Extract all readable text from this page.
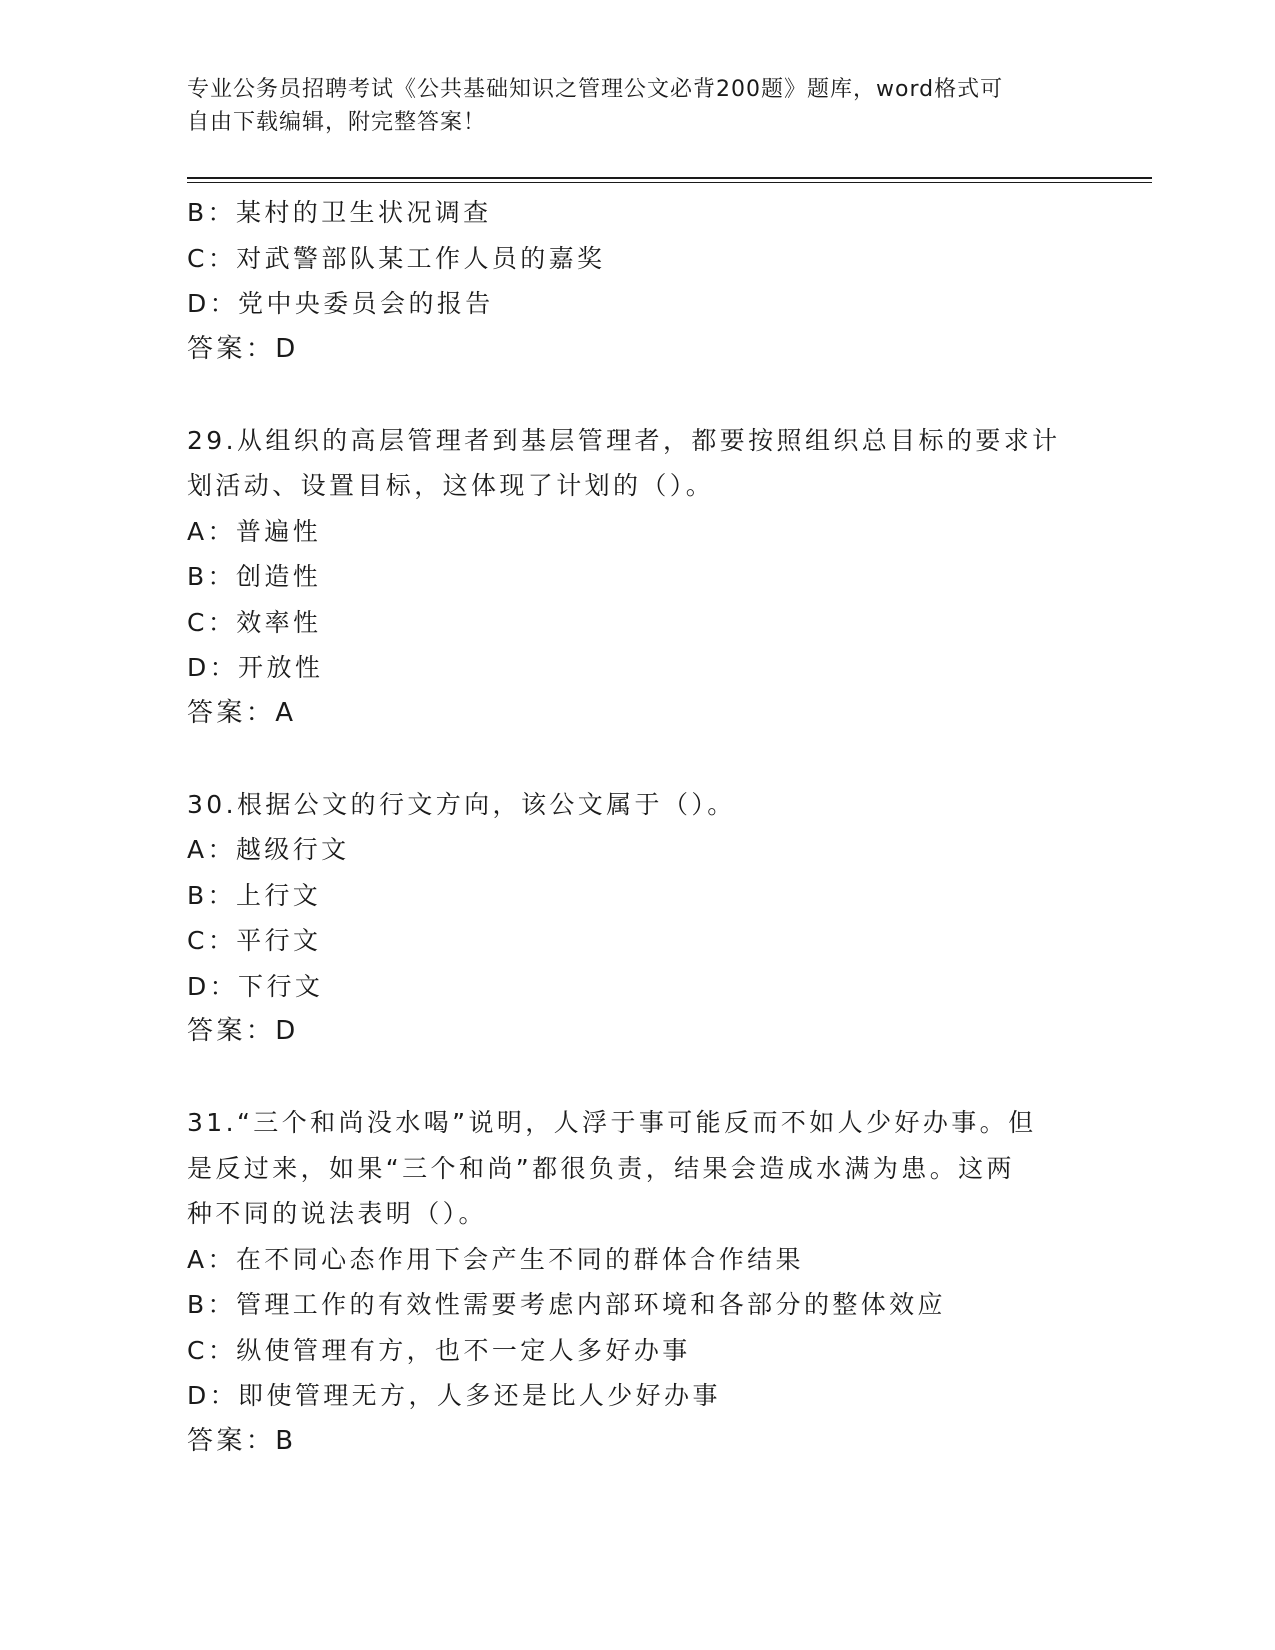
专业公务员招聘考试《公共基础知识之管理公文必背200题》题库，word格式可
自由下载编辑，附完整答案！
B：某村的卫生状况调查
C：对武警部队某工作人员的嘉奖
D：党中央委员会的报告
答案：D
29.从组织的高层管理者到基层管理者，都要按照组织总目标的要求计
划活动、设置目标，这体现了计划的（）。
A：普遍性
B：创造性
C：效率性
D：开放性
答案：A
30.根据公文的行文方向，该公文属于（）。
A：越级行文
B：上行文
C：平行文
D：下行文
答案：D
31.“三个和尚没水喝”说明，人浮于事可能反而不如人少好办事。但
是反过来，如果“三个和尚”都很负责，结果会造成水满为患。这两
种不同的说法表明（）。
A：在不同心态作用下会产生不同的群体合作结果
B：管理工作的有效性需要考虑内部环境和各部分的整体效应
C：纵使管理有方，也不一定人多好办事
D：即使管理无方，人多还是比人少好办事
答案：B
